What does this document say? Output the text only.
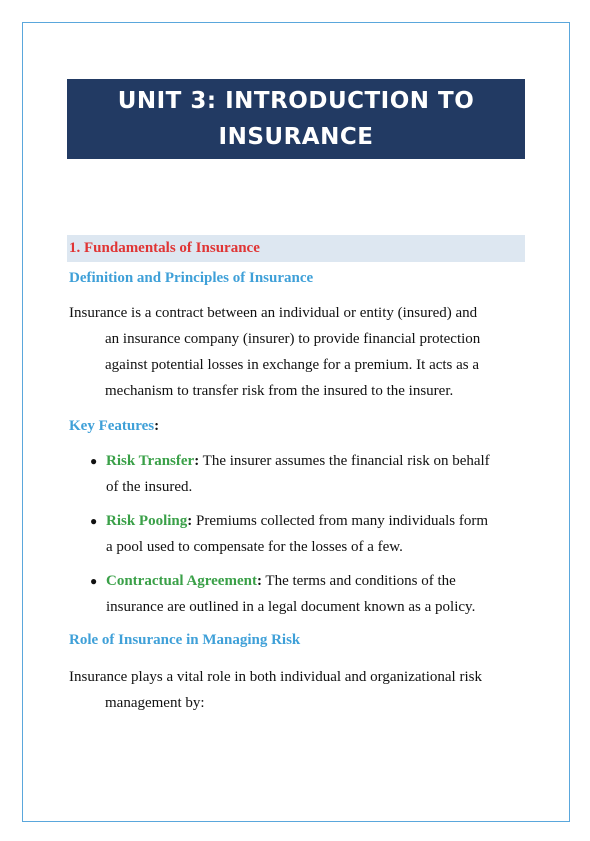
UNIT 3: INTRODUCTION TO
INSURANCE
1. Fundamentals of Insurance
Definition and Principles of Insurance
Insurance is a contract between an individual or entity (insured) and
an insurance company (insurer) to provide financial protection
against potential losses in exchange for a premium. It acts as a
mechanism to transfer risk from the insured to the insurer.
Key Features:
● Risk Transfer: The insurer assumes the financial risk on behalf
of the insured.
● Risk Pooling: Premiums collected from many individuals form
a pool used to compensate for the losses of a few.
● Contractual Agreement: The terms and conditions of the
insurance are outlined in a legal document known as a policy.
Role of Insurance in Managing Risk
Insurance plays a vital role in both individual and organizational risk
management by:
